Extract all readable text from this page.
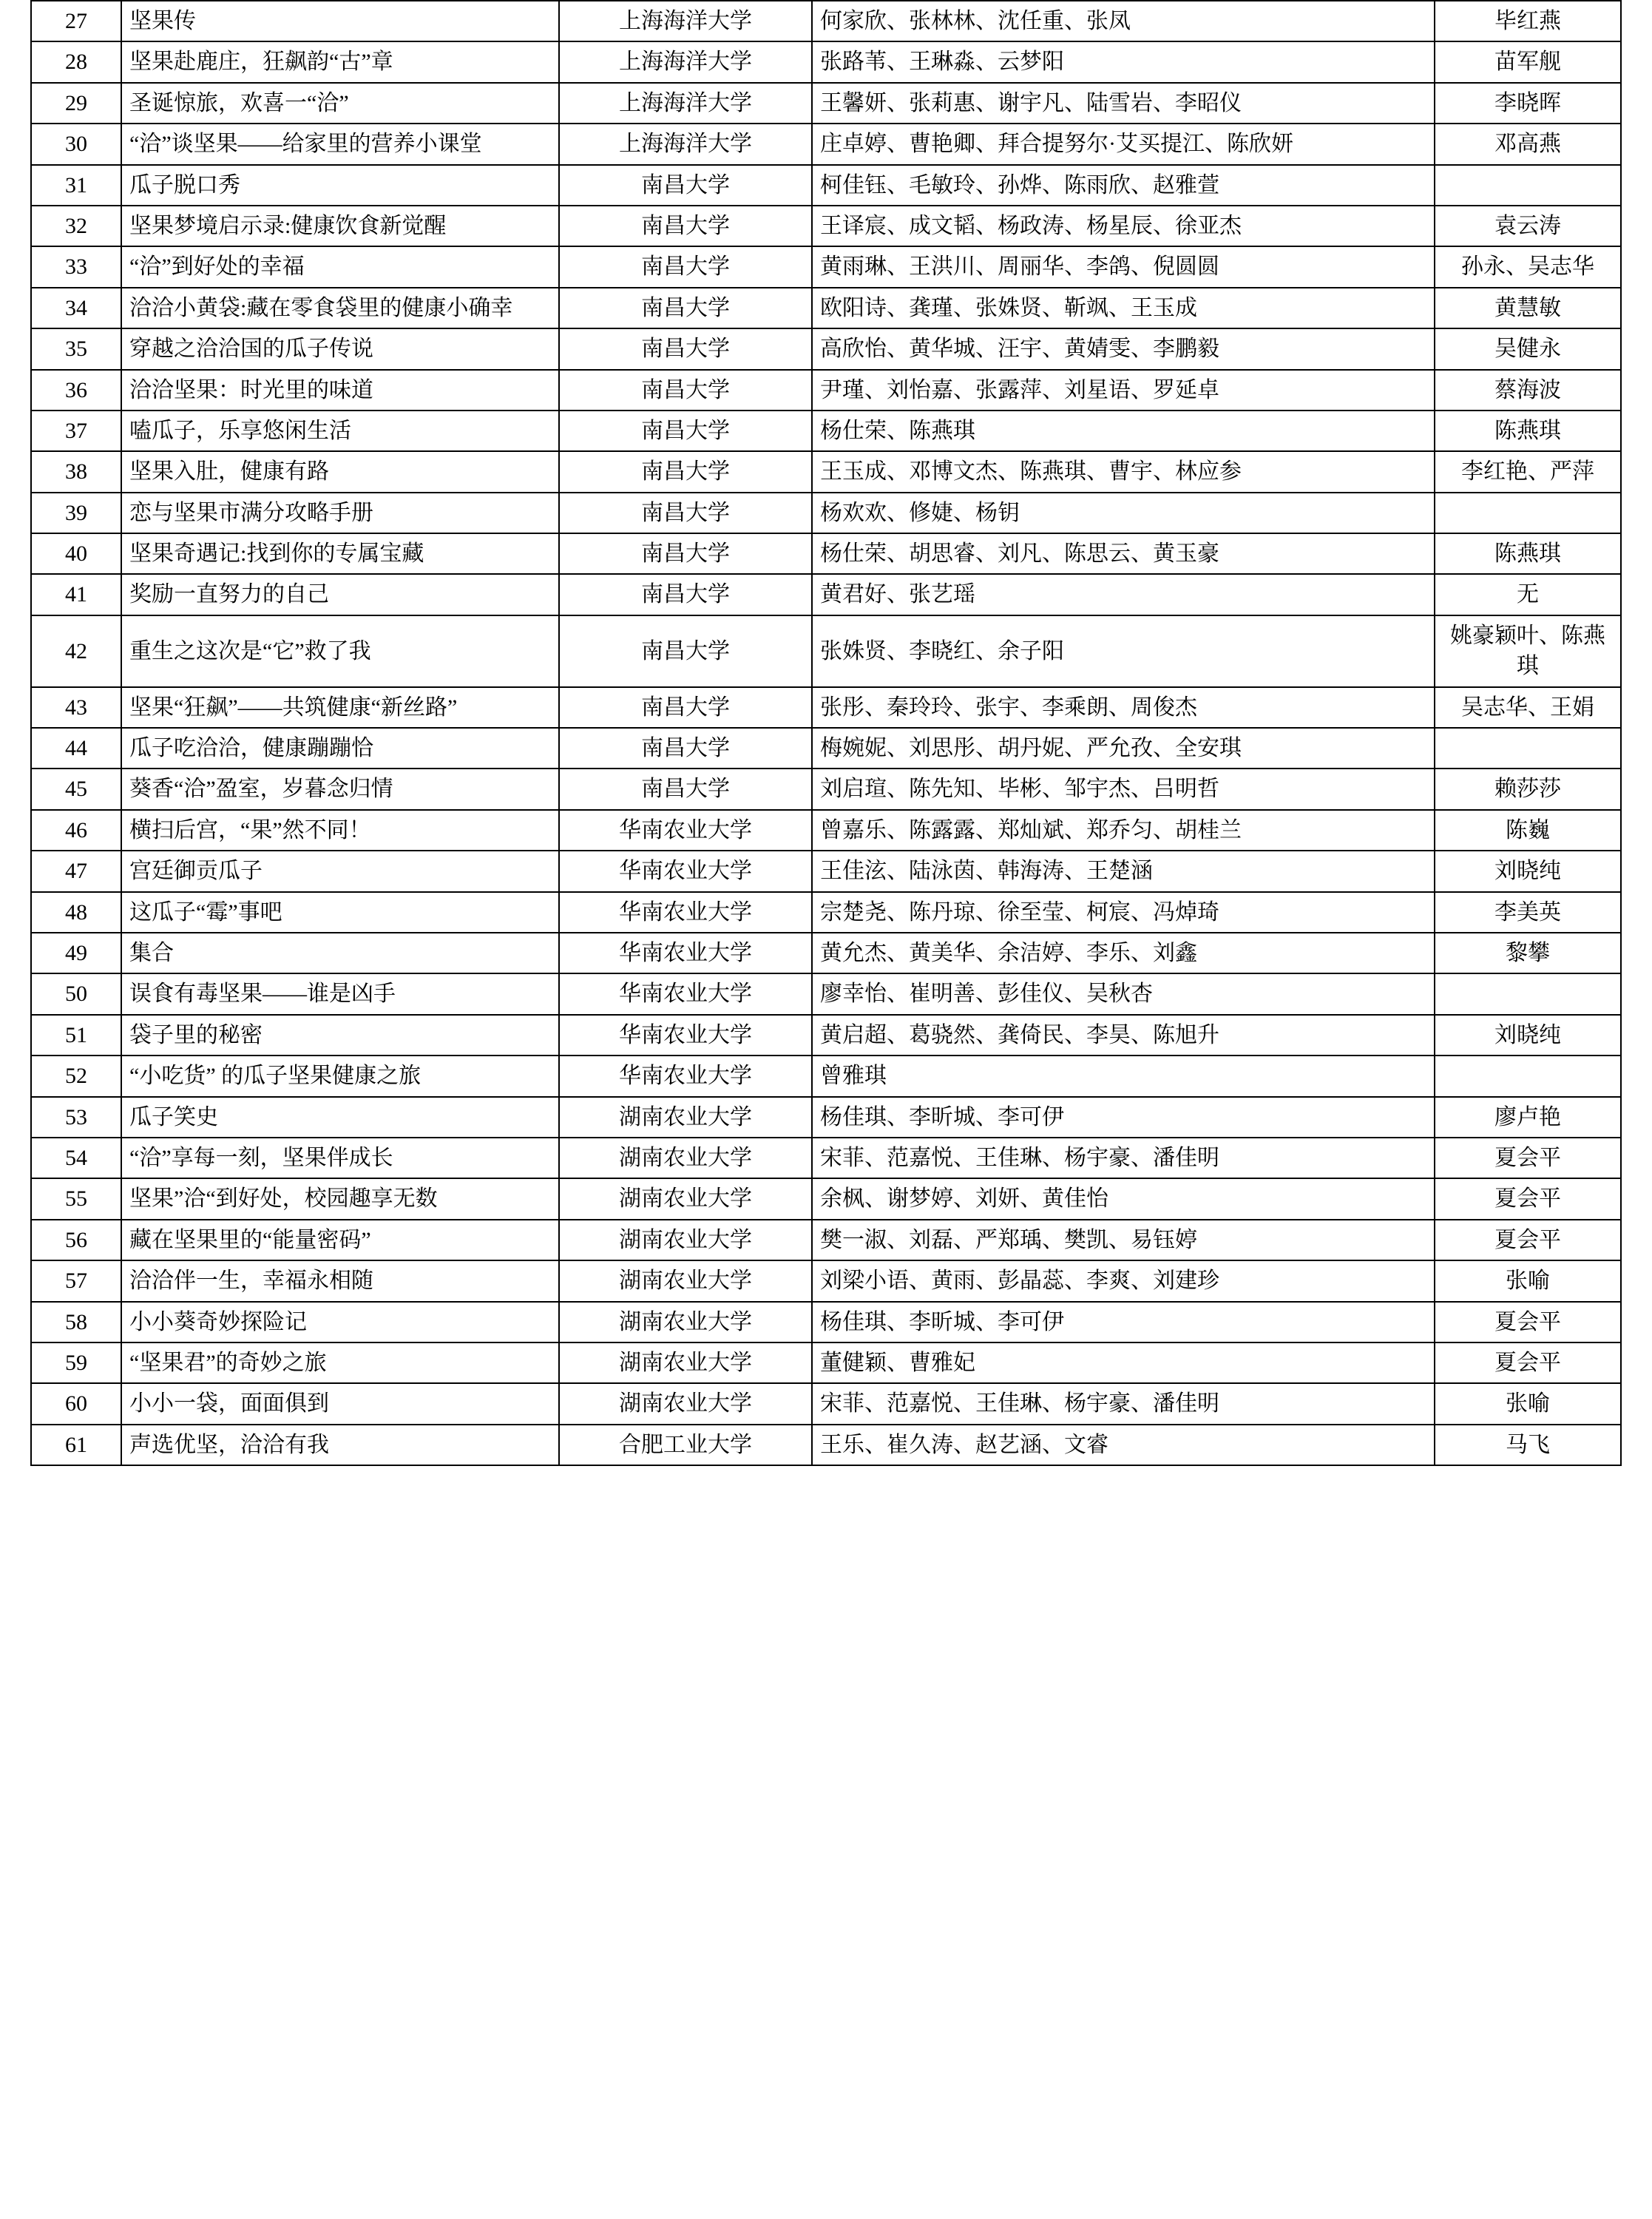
27	坚果传	上海海洋大学	何家欣、张林林、沈任重、张凤	毕红燕
28	坚果赴鹿庄，狂飙韵“古”章	上海海洋大学	张路苇、王琳淼、云梦阳	苗军舰
29	圣诞惊旅，欢喜一“洽”	上海海洋大学	王馨妍、张莉惠、谢宇凡、陆雪岩、李昭仪	李晓晖
30	“洽”谈坚果——给家里的营养小课堂	上海海洋大学	庄卓婷、曹艳卿、拜合提努尔·艾买提江、陈欣妍	邓高燕
31	瓜子脱口秀	南昌大学	柯佳钰、毛敏玲、孙烨、陈雨欣、赵雅萱	
32	坚果梦境启示录:健康饮食新觉醒	南昌大学	王译宸、成文韬、杨政涛、杨星辰、徐亚杰	袁云涛
33	“洽”到好处的幸福	南昌大学	黄雨琳、王洪川、周丽华、李鸽、倪圆圆	孙永、吴志华
34	洽洽小黄袋:藏在零食袋里的健康小确幸	南昌大学	欧阳诗、龚瑾、张姝贤、靳飒、王玉成	黄慧敏
35	穿越之洽洽国的瓜子传说	南昌大学	高欣怡、黄华城、汪宇、黄婧雯、李鹏毅	吴健永
36	洽洽坚果：时光里的味道	南昌大学	尹瑾、刘怡嘉、张露萍、刘星语、罗延卓	蔡海波
37	嗑瓜子，乐享悠闲生活	南昌大学	杨仕荣、陈燕琪	陈燕琪
38	坚果入肚，健康有路	南昌大学	王玉成、邓博文杰、陈燕琪、曹宇、林应参	李红艳、严萍
39	恋与坚果市满分攻略手册	南昌大学	杨欢欢、修婕、杨钥	
40	坚果奇遇记:找到你的专属宝藏	南昌大学	杨仕荣、胡思睿、刘凡、陈思云、黄玉豪	陈燕琪
41	奖励一直努力的自己	南昌大学	黄君好、张艺瑶	无
42	重生之这次是“它”救了我	南昌大学	张姝贤、李晓红、余子阳	姚豪颖叶、陈燕琪
43	坚果“狂飙”——共筑健康“新丝路”	南昌大学	张彤、秦玲玲、张宇、李乘朗、周俊杰	吴志华、王娟
44	瓜子吃洽洽，健康蹦蹦恰	南昌大学	梅婉妮、刘思彤、胡丹妮、严允孜、全安琪	
45	葵香“洽”盈室，岁暮念归情	南昌大学	刘启瑄、陈先知、毕彬、邹宇杰、吕明哲	赖莎莎
46	横扫后宫，“果”然不同！	华南农业大学	曾嘉乐、陈露露、郑灿斌、郑乔匀、胡桂兰	陈巍
47	宫廷御贡瓜子	华南农业大学	王佳泫、陆泳茵、韩海涛、王楚涵	刘晓纯
48	这瓜子“霉”事吧	华南农业大学	宗楚尧、陈丹琼、徐至莹、柯宸、冯焯琦	李美英
49	集合	华南农业大学	黄允杰、黄美华、余洁婷、李乐、刘鑫	黎攀
50	误食有毒坚果——谁是凶手	华南农业大学	廖幸怡、崔明善、彭佳仪、吴秋杏	
51	袋子里的秘密	华南农业大学	黄启超、葛骁然、龚倚民、李昊、陈旭升	刘晓纯
52	“小吃货” 的瓜子坚果健康之旅	华南农业大学	曾雅琪	
53	瓜子笑史	湖南农业大学	杨佳琪、李昕城、李可伊	廖卢艳
54	“洽”享每一刻，坚果伴成长	湖南农业大学	宋菲、范嘉悦、王佳琳、杨宇豪、潘佳明	夏会平
55	坚果”洽“到好处，校园趣享无数	湖南农业大学	余枫、谢梦婷、刘妍、黄佳怡	夏会平
56	藏在坚果里的“能量密码”	湖南农业大学	樊一淑、刘磊、严郑瑀、樊凯、易钰婷	夏会平
57	洽洽伴一生，幸福永相随	湖南农业大学	刘梁小语、黄雨、彭晶蕊、李爽、刘建珍	张喻
58	小小葵奇妙探险记	湖南农业大学	杨佳琪、李昕城、李可伊	夏会平
59	“坚果君”的奇妙之旅	湖南农业大学	董健颖、曹雅妃	夏会平
60	小小一袋，面面俱到	湖南农业大学	宋菲、范嘉悦、王佳琳、杨宇豪、潘佳明	张喻
61	声选优坚，洽洽有我	合肥工业大学	王乐、崔久涛、赵艺涵、文睿	马飞
